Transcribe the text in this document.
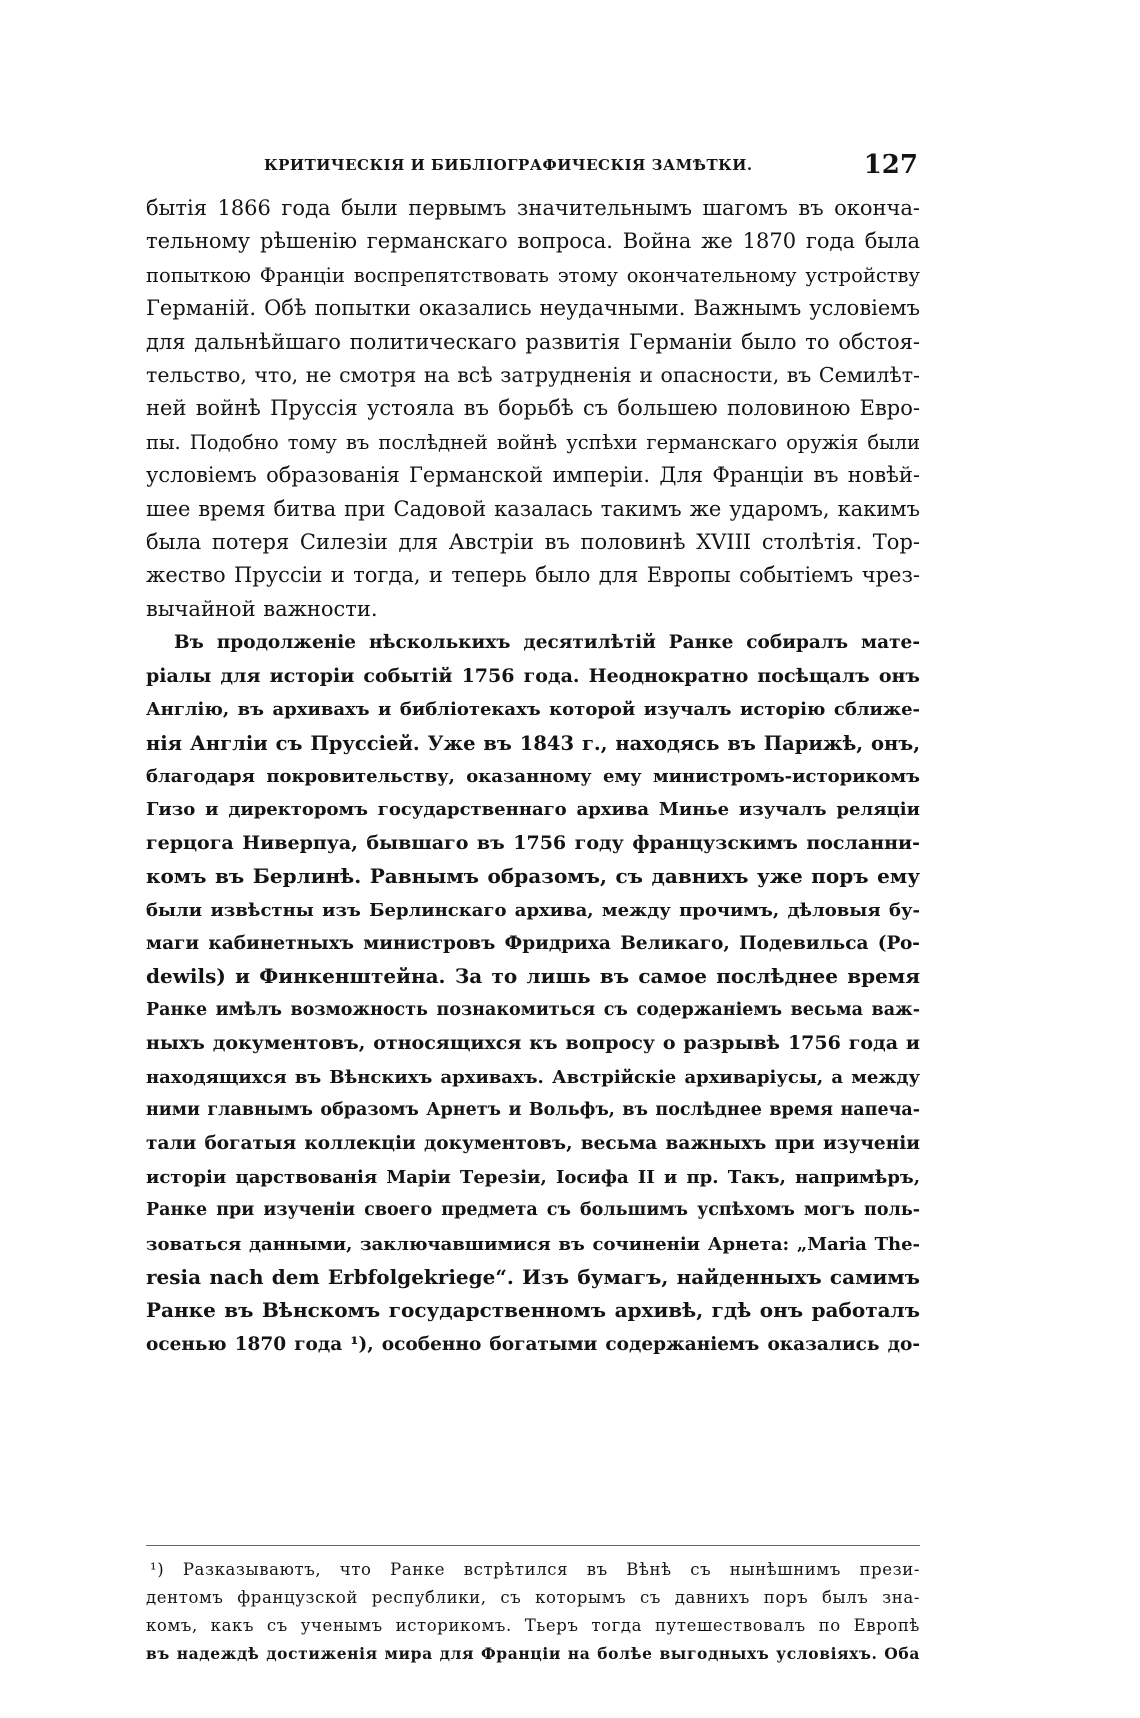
КРИТИЧЕСКІЯ И БИБЛІОГРАФИЧЕСКІЯ ЗАМѢТКИ.	127

бытія 1866 года были первымъ значительнымъ шагомъ въ оконча-
тельному рѣшенію германскаго вопроса. Война же 1870 года была
попыткою Франціи воспрепятствовать этому окончательному устройству
Германій. Обѣ попытки оказались неудачными. Важнымъ условіемъ
для дальнѣйшаго политическаго развитія Германіи было то обстоя-
тельство, что, не смотря на всѣ затрудненія и опасности, въ Семилѣт-
ней войнѣ Пруссія устояла въ борьбѣ съ большею половиною Евро-
пы. Подобно тому въ послѣдней войнѣ успѣхи германскаго оружія были
условіемъ образованія Германской имперіи. Для Франціи въ новѣй-
шее время битва при Садовой казалась такимъ же ударомъ, какимъ
была потеря Силезіи для Австріи въ половинѣ XVIII столѣтія. Тор-
жество Пруссіи и тогда, и теперь было для Европы событіемъ чрез-
вычайной важности.

Въ продолженіе нѣсколькихъ десятилѣтій Ранке собиралъ мате-
ріалы для исторіи событій 1756 года. Неоднократно посѣщалъ онъ
Англію, въ архивахъ и библіотекахъ которой изучалъ исторію сближе-
нія Англіи съ Пруссіей. Уже въ 1843 г., находясь въ Парижѣ, онъ,
благодаря покровительству, оказанному ему министромъ-историкомъ
Гизо и директоромъ государственнаго архива Минье изучалъ реляціи
герцога Ниверпуа, бывшаго въ 1756 году французскимъ посланни-
комъ въ Берлинѣ. Равнымъ образомъ, съ давнихъ уже поръ ему
были извѣстны изъ Берлинскаго архива, между прочимъ, дѣловыя бу-
маги кабинетныхъ министровъ Фридриха Великаго, Подевильса (Po-
dewils) и Финкенштейна. За то лишь въ самое послѣднее время
Ранке имѣлъ возможность познакомиться съ содержаніемъ весьма важ-
ныхъ документовъ, относящихся къ вопросу о разрывѣ 1756 года и
находящихся въ Вѣнскихъ архивахъ. Австрійскіе архиваріусы, а между
ними главнымъ образомъ Арнетъ и Вольфъ, въ послѣднее время напеча-
тали богатыя коллекціи документовъ, весьма важныхъ при изученіи
исторіи царствованія Маріи Терезіи, Іосифа II и пр. Такъ, напримѣръ,
Ранке при изученіи своего предмета съ большимъ успѣхомъ могъ поль-
зоваться данными, заключавшимися въ сочиненіи Арнета: „Maria The-
resia nach dem Erbfolgekriege“. Изъ бумагъ, найденныхъ самимъ
Ранке въ Вѣнскомъ государственномъ архивѣ, гдѣ онъ работалъ
осенью 1870 года ¹), особенно богатыми содержаніемъ оказались до-

¹) Разказываютъ, что Ранке встрѣтился въ Вѣнѣ съ нынѣшнимъ прези-
дентомъ французской республики, съ которымъ съ давнихъ поръ былъ зна-
комъ, какъ съ ученымъ историкомъ. Тьеръ тогда путешествовалъ по Европѣ
въ надеждѣ достиженія мира для Франціи на болѣе выгодныхъ условіяхъ. Оба
